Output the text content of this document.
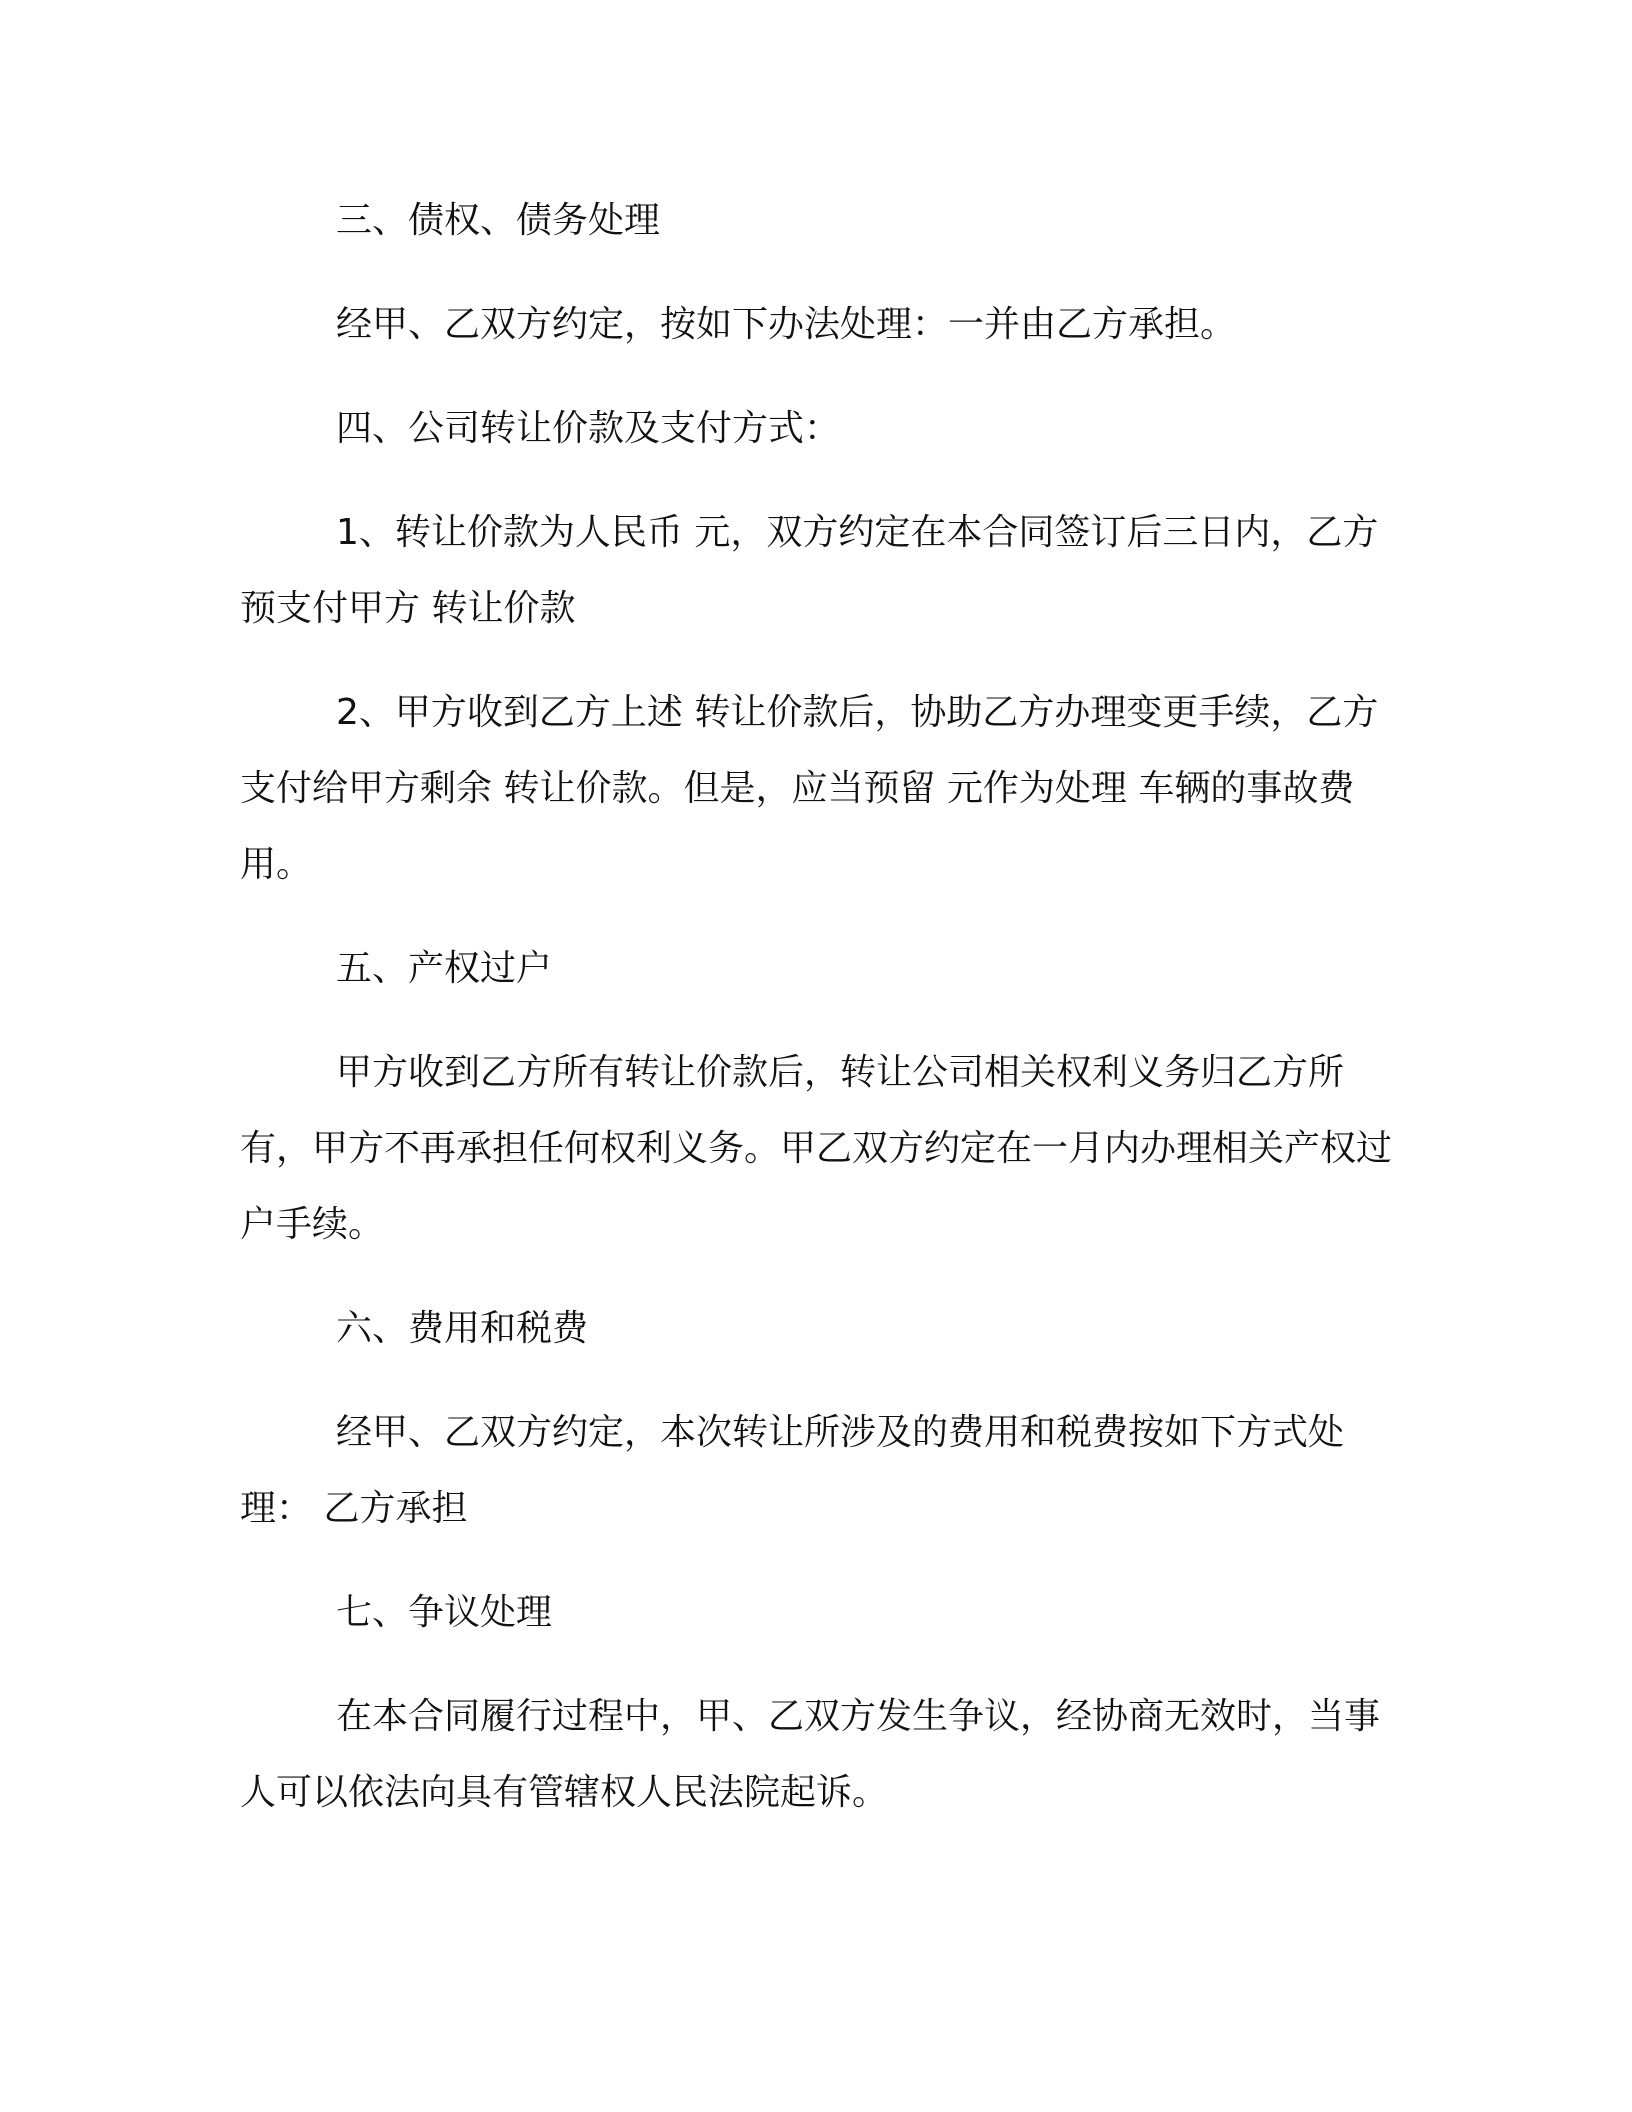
三、债权、债务处理

经甲、乙双方约定，按如下办法处理：一并由乙方承担。

四、公司转让价款及支付方式：

1、转让价款为人民币 元，双方约定在本合同签订后三日内，乙方预支付甲方 转让价款

2、甲方收到乙方上述 转让价款后，协助乙方办理变更手续，乙方支付给甲方剩余 转让价款。但是，应当预留 元作为处理 车辆的事故费用。

五、产权过户

甲方收到乙方所有转让价款后，转让公司相关权利义务归乙方所有，甲方不再承担任何权利义务。甲乙双方约定在一月内办理相关产权过户手续。

六、费用和税费

经甲、乙双方约定，本次转让所涉及的费用和税费按如下方式处理： 乙方承担

七、争议处理

在本合同履行过程中，甲、乙双方发生争议，经协商无效时，当事人可以依法向具有管辖权人民法院起诉。
